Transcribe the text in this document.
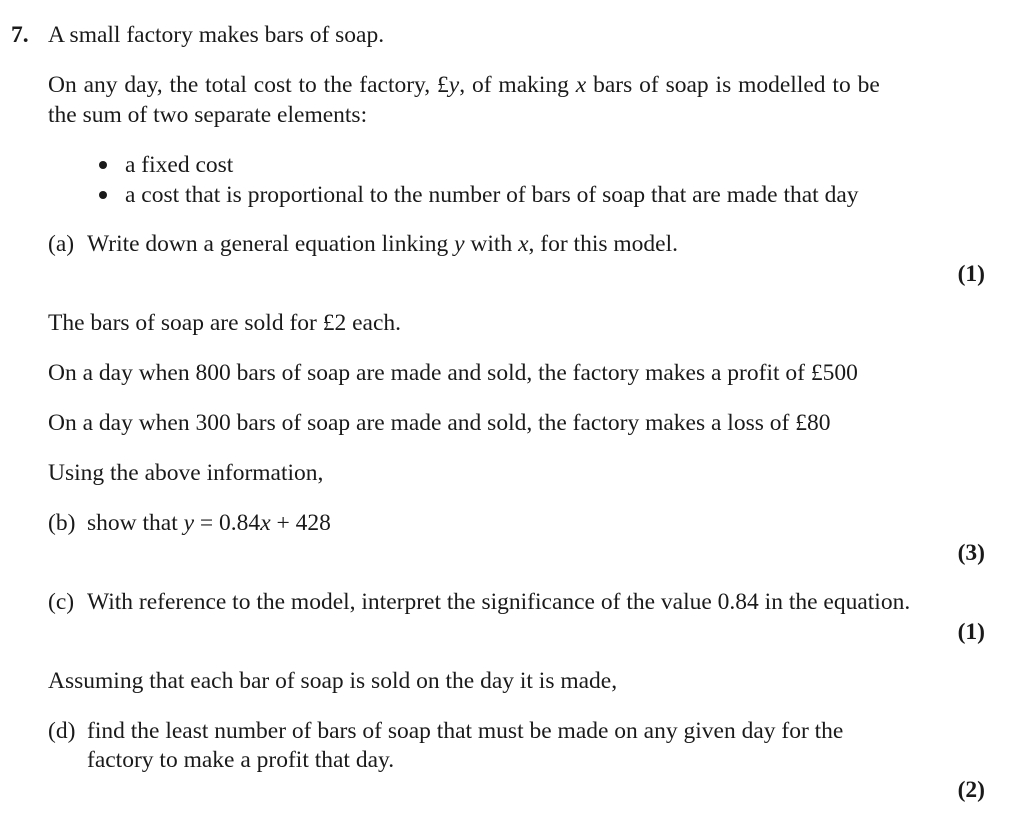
7. A small factory makes bars of soap.
On any day, the total cost to the factory, £y, of making x bars of soap is modelled to be
the sum of two separate elements:
a fixed cost
a cost that is proportional to the number of bars of soap that are made that day
(a) Write down a general equation linking y with x, for this model.
(1)
The bars of soap are sold for £2 each.
On a day when 800 bars of soap are made and sold, the factory makes a profit of £500
On a day when 300 bars of soap are made and sold, the factory makes a loss of £80
Using the above information,
(b) show that y = 0.84x + 428
(3)
(c) With reference to the model, interpret the significance of the value 0.84 in the equation.
(1)
Assuming that each bar of soap is sold on the day it is made,
(d) find the least number of bars of soap that must be made on any given day for the
factory to make a profit that day.
(2)
